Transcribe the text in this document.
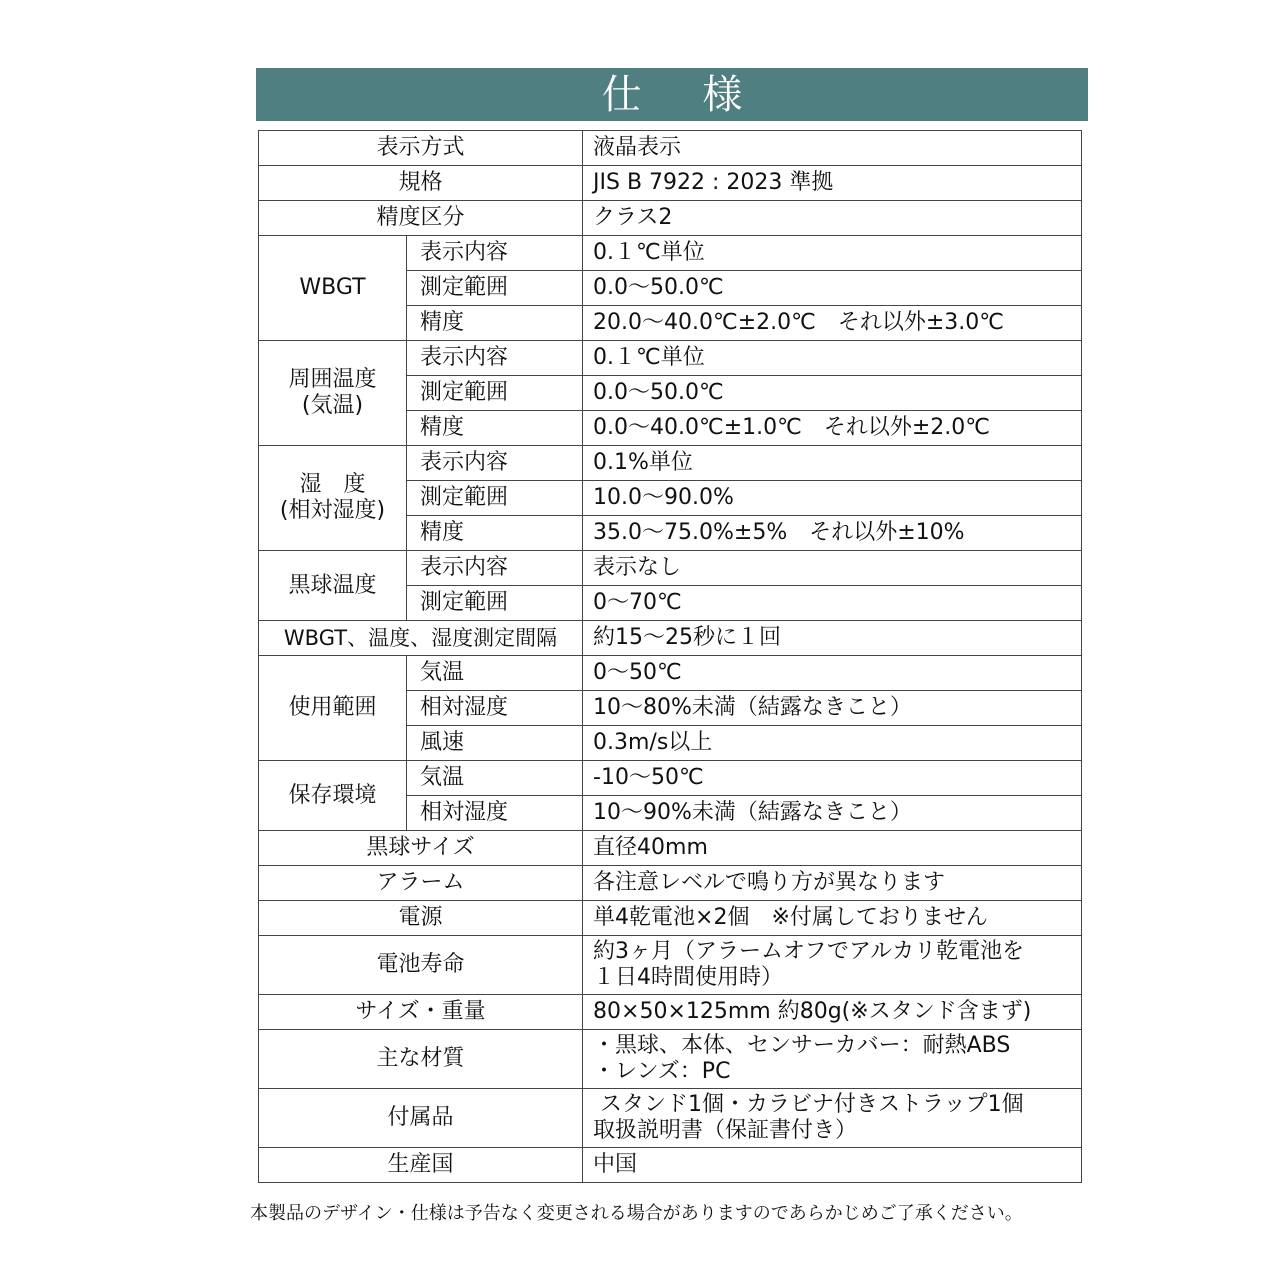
仕 様
表示方式		液晶表示
規格		JIS B 7922 : 2023 準拠
精度区分		クラス2
WBGT	表示内容	0.１℃単位
	測定範囲	0.0〜50.0℃
	精度	20.0〜40.0℃±2.0℃　それ以外±3.0℃

周囲温度
(気温)	表示内容	0.１℃単位
	測定範囲	0.0〜50.0℃
	精度	0.0〜40.0℃±1.0℃　それ以外±2.0℃

湿　度
(相対湿度)	表示内容	0.1%単位
	測定範囲	10.0〜90.0%
	精度	35.0〜75.0%±5%　それ以外±10%
黒球温度	表示内容	表示なし
	測定範囲	0〜70℃
WBGT、温度、湿度測定間隔		約15〜25秒に１回
使用範囲	気温	0〜50℃
	相対湿度	10〜80%未満（結露なきこと）
	風速	0.3m/s以上
保存環境	気温	-10〜50℃
	相対湿度	10〜90%未満（結露なきこと）
黒球サイズ		直径40mm
アラーム		各注意レベルで鳴り方が異なります
電源		単4乾電池×2個　※付属しておりません
電池寿命		約3ヶ月（アラームオフでアルカリ乾電池を
１日4時間使用時）

サイズ・重量		80×50×125mm 約80g(※スタンド含まず)
主な材質		・黒球、本体、センサーカバー：耐熱ABS
・レンズ：PC

付属品		スタンド1個・カラビナ付きストラップ1個
取扱説明書（保証書付き）

生産国		中国
本製品のデザイン・仕様は予告なく変更される場合がありますのであらかじめご了承ください。
